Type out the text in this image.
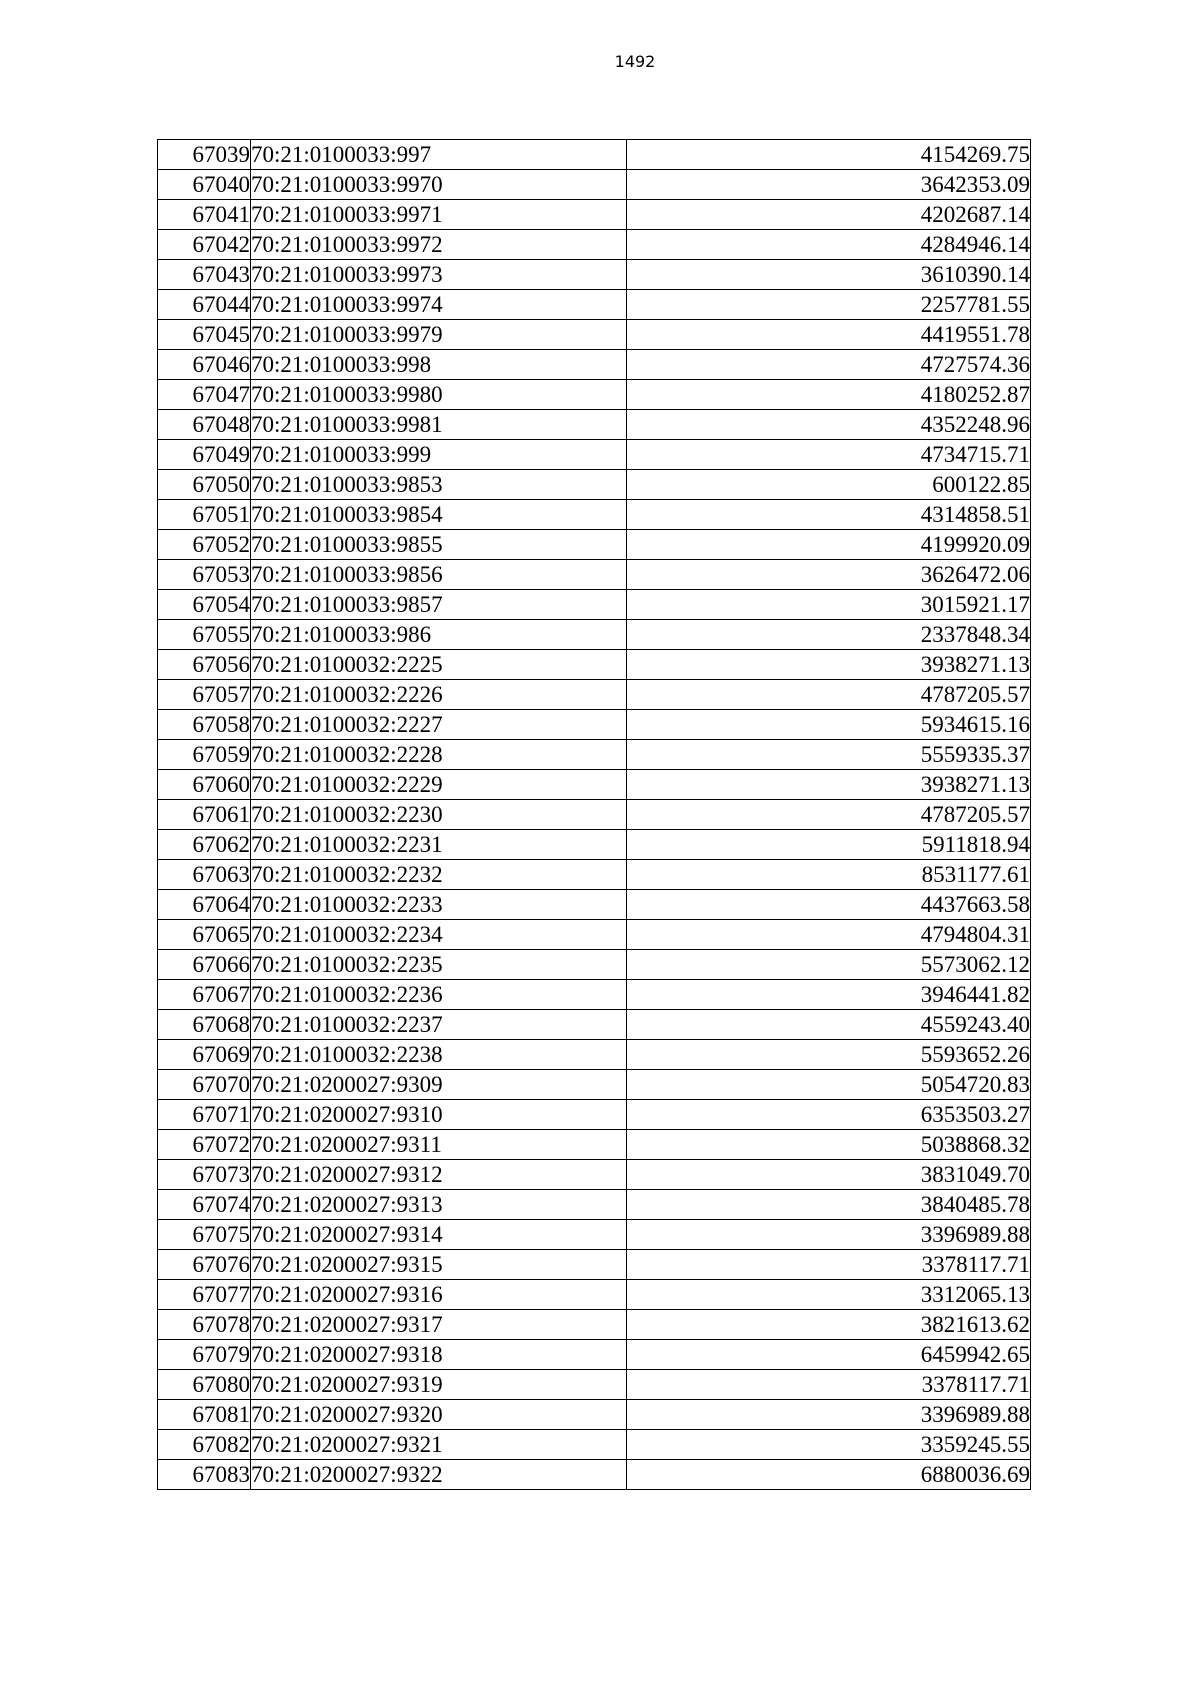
1492
67039	70:21:0100033:997	4154269.75
67040	70:21:0100033:9970	3642353.09
67041	70:21:0100033:9971	4202687.14
67042	70:21:0100033:9972	4284946.14
67043	70:21:0100033:9973	3610390.14
67044	70:21:0100033:9974	2257781.55
67045	70:21:0100033:9979	4419551.78
67046	70:21:0100033:998	4727574.36
67047	70:21:0100033:9980	4180252.87
67048	70:21:0100033:9981	4352248.96
67049	70:21:0100033:999	4734715.71
67050	70:21:0100033:9853	600122.85
67051	70:21:0100033:9854	4314858.51
67052	70:21:0100033:9855	4199920.09
67053	70:21:0100033:9856	3626472.06
67054	70:21:0100033:9857	3015921.17
67055	70:21:0100033:986	2337848.34
67056	70:21:0100032:2225	3938271.13
67057	70:21:0100032:2226	4787205.57
67058	70:21:0100032:2227	5934615.16
67059	70:21:0100032:2228	5559335.37
67060	70:21:0100032:2229	3938271.13
67061	70:21:0100032:2230	4787205.57
67062	70:21:0100032:2231	5911818.94
67063	70:21:0100032:2232	8531177.61
67064	70:21:0100032:2233	4437663.58
67065	70:21:0100032:2234	4794804.31
67066	70:21:0100032:2235	5573062.12
67067	70:21:0100032:2236	3946441.82
67068	70:21:0100032:2237	4559243.40
67069	70:21:0100032:2238	5593652.26
67070	70:21:0200027:9309	5054720.83
67071	70:21:0200027:9310	6353503.27
67072	70:21:0200027:9311	5038868.32
67073	70:21:0200027:9312	3831049.70
67074	70:21:0200027:9313	3840485.78
67075	70:21:0200027:9314	3396989.88
67076	70:21:0200027:9315	3378117.71
67077	70:21:0200027:9316	3312065.13
67078	70:21:0200027:9317	3821613.62
67079	70:21:0200027:9318	6459942.65
67080	70:21:0200027:9319	3378117.71
67081	70:21:0200027:9320	3396989.88
67082	70:21:0200027:9321	3359245.55
67083	70:21:0200027:9322	6880036.69
